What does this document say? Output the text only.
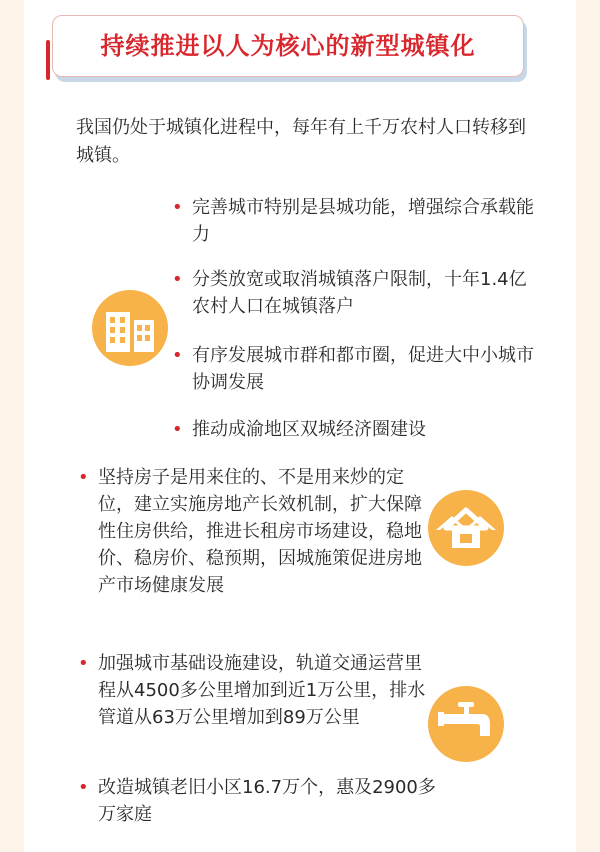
持续推进以人为核心的新型城镇化
我国仍处于城镇化进程中，每年有上千万农村人口转移到城镇。
• 完善城市特别是县城功能，增强综合承载能力
• 分类放宽或取消城镇落户限制，十年1.4亿农村人口在城镇落户
• 有序发展城市群和都市圈，促进大中小城市协调发展
• 推动成渝地区双城经济圈建设
• 坚持房子是用来住的、不是用来炒的定位，建立实施房地产长效机制，扩大保障性住房供给，推进长租房市场建设，稳地价、稳房价、稳预期，因城施策促进房地产市场健康发展
• 加强城市基础设施建设，轨道交通运营里程从4500多公里增加到近1万公里，排水管道从63万公里增加到89万公里
• 改造城镇老旧小区16.7万个，惠及2900多万家庭
